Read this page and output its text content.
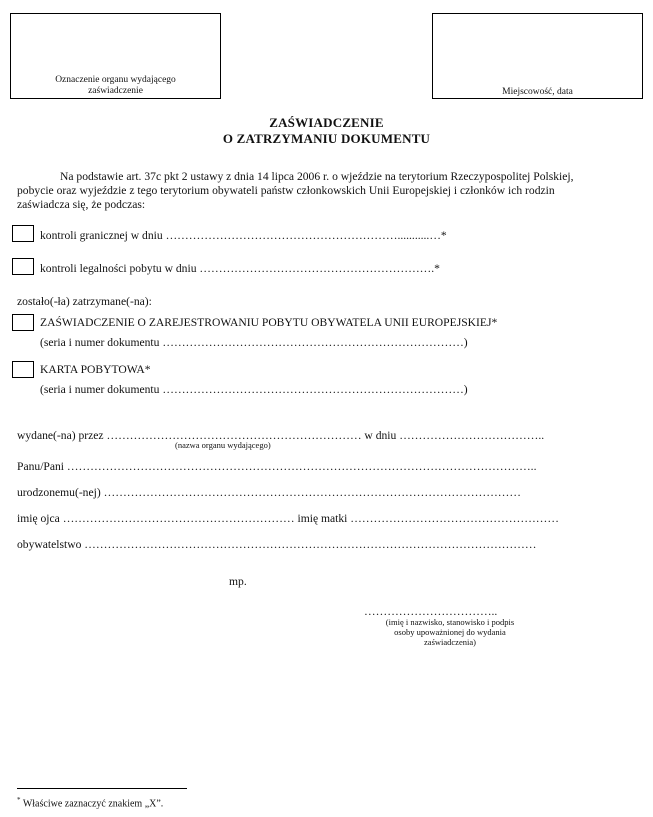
Oznaczenie organu wydającego
zaświadczenie	Miejscowość, data
ZAŚWIADCZENIE
O ZATRZYMANIU DOKUMENTU
Na podstawie art. 37c pkt 2 ustawy z dnia 14 lipca 2006 r. o wjeździe na terytorium Rzeczypospolitej Polskiej,
pobycie oraz wyjeździe z tego terytorium obywateli państw członkowskich Unii Europejskiej i członków ich rodzin
zaświadcza się, że podczas:
kontroli granicznej w dniu ……………………………………………………...........…*
kontroli legalności pobytu w dniu …………………………………………………….*
zostało(-ła) zatrzymane(-na):
ZAŚWIADCZENIE O ZAREJESTROWANIU POBYTU OBYWATELA UNII EUROPEJSKIEJ*
(seria i numer dokumentu ……………………………………………………………………)
KARTA POBYTOWA*
(seria i numer dokumentu ……………………………………………………………………)
wydane(-na) przez ………………………………………………………… w dniu ………………………………..
(nazwa organu wydającego)
Panu/Pani …………………………………………………………………………………………………………..
urodzonemu(-nej) ………………………………………………………………………………………………
imię ojca …………………………………………………… imię matki ………………………………………………
obywatelstwo ………………………………………………………………………………………………………
mp.
……………………………..
(imię i nazwisko, stanowisko i podpis
osoby upoważnionej do wydania
zaświadczenia)
* Właściwe zaznaczyć znakiem „X”.
